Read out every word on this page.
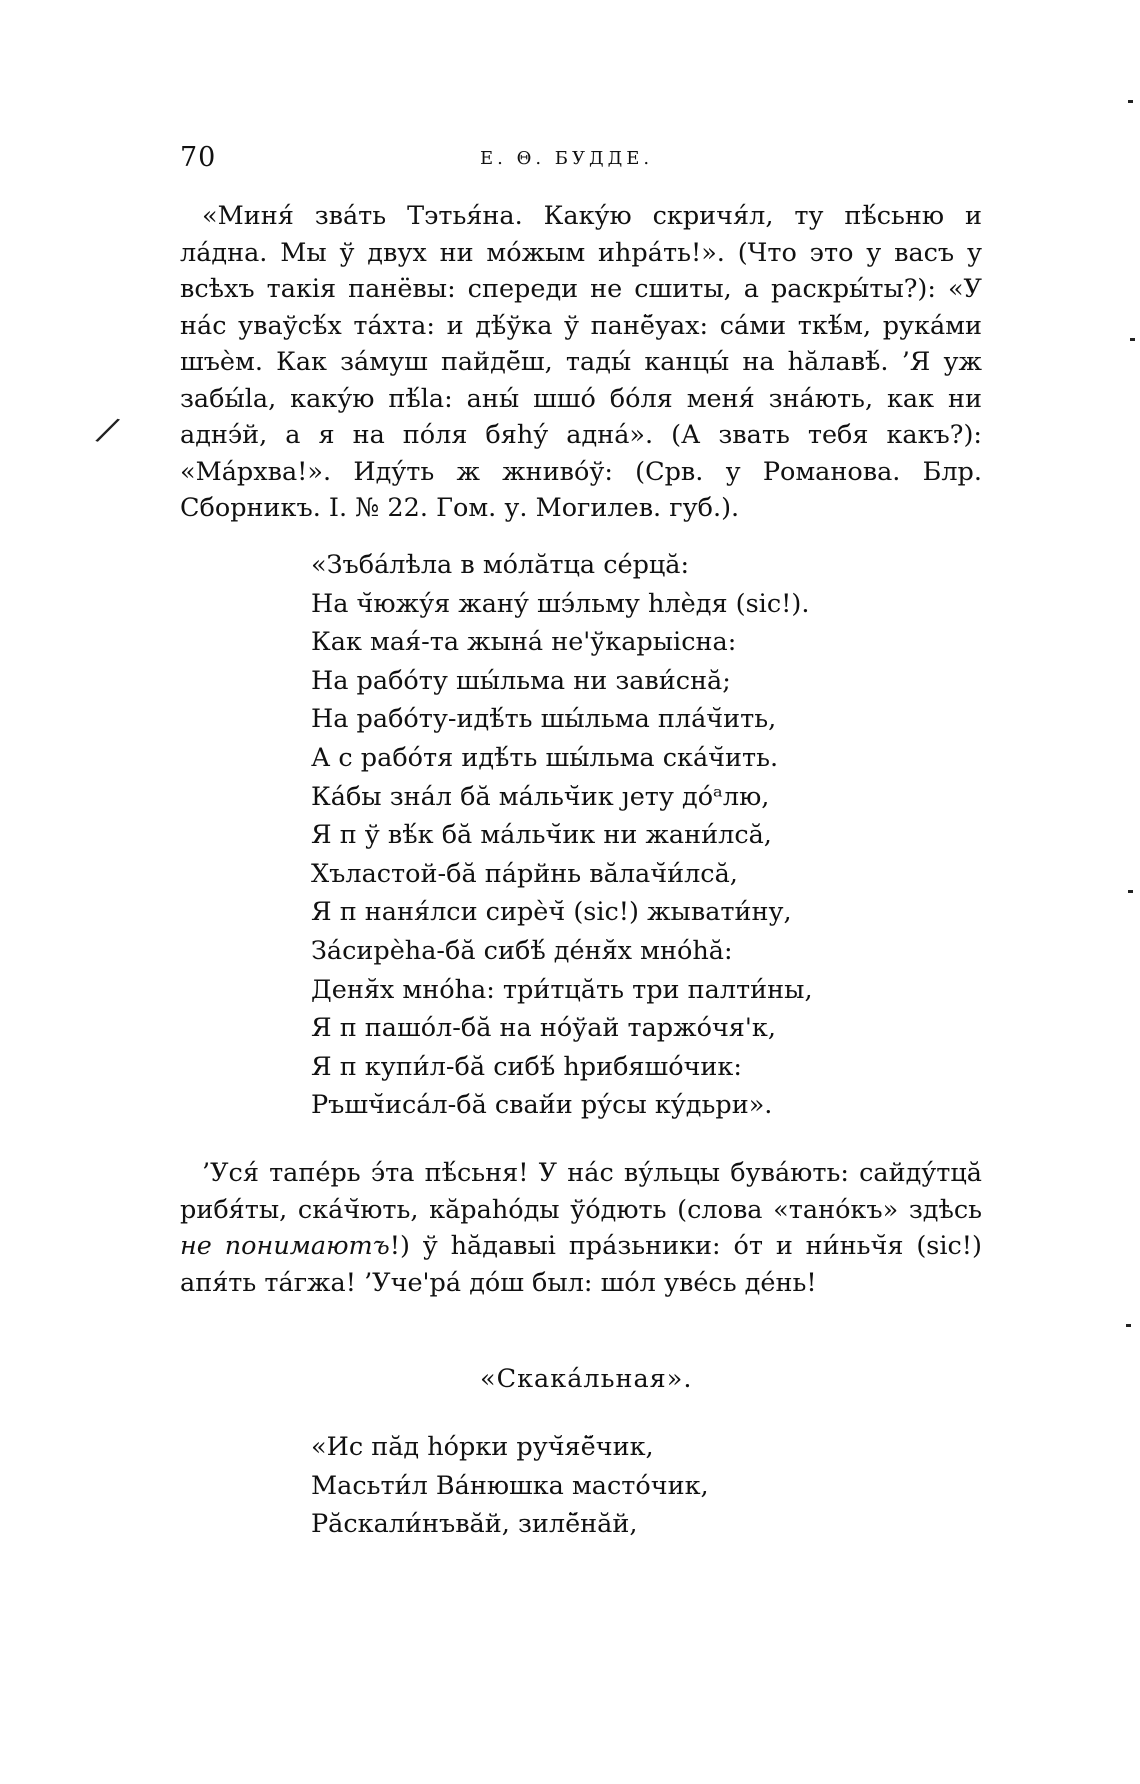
70	Е. Θ. БУДДЕ.
/

«Миня́ зва́ть Тэтья́на. Каку́ю скричя́л, ту пѣ́сьню и ла́дна. Мы ў двух ни мо́жым иhра́ть!». (Что это у васъ у всѣхъ такія панёвы: спереди не сшиты, а раскры́ты?): «У на́с уваўсѣ́х та́хта: и дѣ́ўка ў панё̆уах: са́ми ткѣ́м, рука́ми шъѐм. Как за́муш пайдё̆ш, тады́ канцы́ на hӑлавѣ́. ’Я уж забы́lа, каку́ю пѣ́lа: аны́ шшо́ бо́ля меня́ зна́ють, как ни аднэ́й, а я на по́ля бяhу́ адна́». (А звать тебя какъ?): «Ма́рхва!». Иду́ть ж жниво́ў: (Срв. у Романова. Блр. Сборникъ. I. № 22. Гом. у. Могилев. губ.).

«Зъба́лѣла в мо́лӑтца се́рцӑ:
На ч̆южу́я жану́ шэ́льму hлѐдя (sic!).
Как мая́-та жына́ не'ўкарыісна:
На рабо́ту шы́льма ни зави́снӑ;
На рабо́ту-идѣ́ть шы́льма пла́ч̆ить,
А с рабо́тя идѣ́ть шы́льма ска́ч̆ить.
Ка́бы зна́л бӑ ма́льч̆ик ȷету до́ᵃлю,
Я п ў вѣ́к бӑ ма́льч̆ик ни жани́лсӑ,
Хъластой-бӑ па́рйнь вӑлач̆и́лсӑ,
Я п наня́лси сирѐч̆ (sic!) жывати́ну,
За́сирѐhа-бӑ сибѣ́ де́ня̆х мно́hӑ:
Деня̆х мно́hа: три́тцӑть три палти́ны,
Я п пашо́л-бӑ на но́ўай таржо́чя'к,
Я п купи́л-бӑ сибѣ́ hрибяшо́чик:
Ръшч̆иса́л-бӑ свай́и ру́сы ку́дьри».

’Уся́ тапе́рь э́та пѣ́сьня! У на́с ву́льцы бува́ють: сайду́тцӑ рибя́ты, ска́ч̆ють, кӑраhо́ды ўо́дють (слова «тано́къ» здѣсь не понимаютъ!) ў hӑдавыі пра́зьники: о́т и ни́ньч̆я (sic!) апя́ть та́гжа! ’Уче'ра́ до́ш был: шо́л увéсь де́нь!

«Скака́льная».
«Ис пӑд hо́рки руч̆яё̆чик,
Масьти́л Ва́нюшка масто́чик,
Рӑскали́нъвӑй, зилё̆нӑй,
